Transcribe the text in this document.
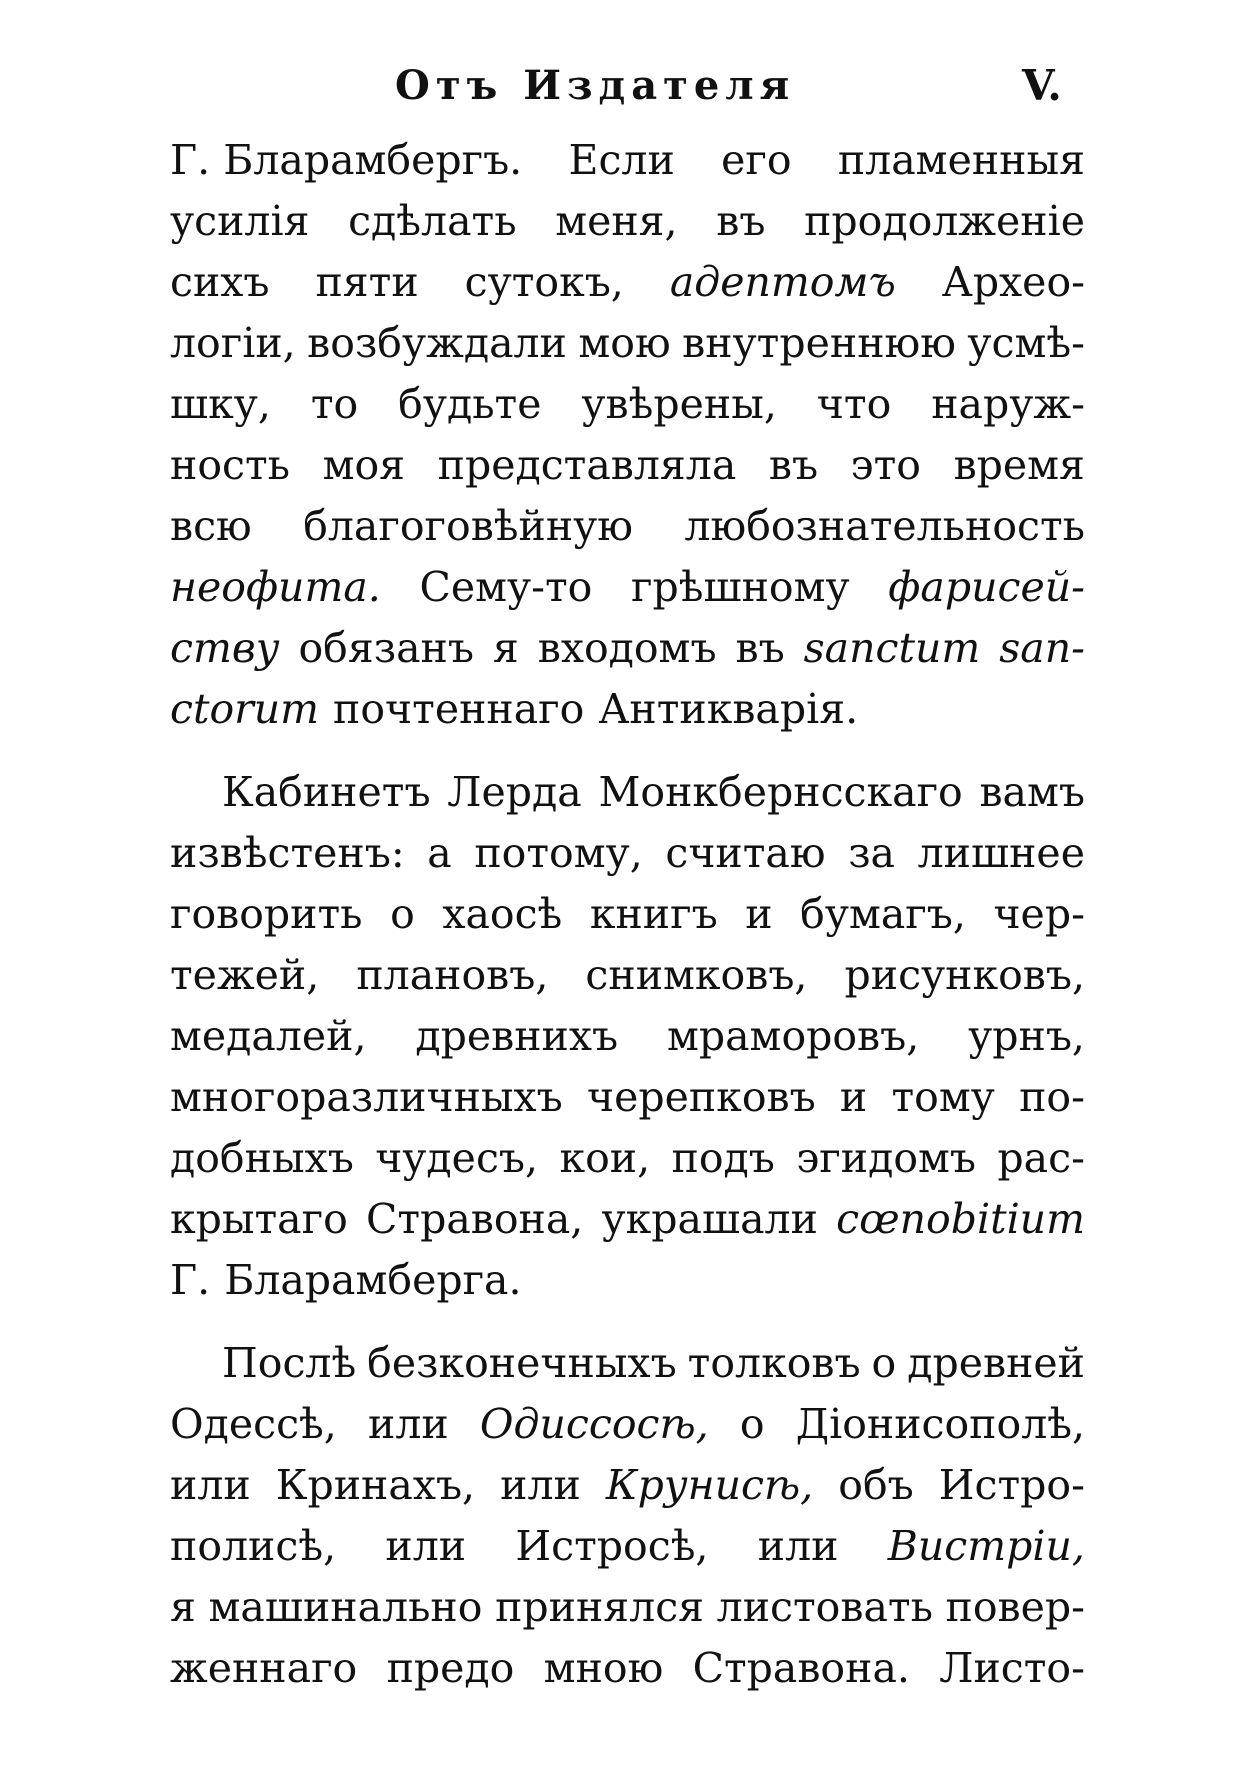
Отъ Издателя	V.
Г. Бларамбергъ. Если его пламенныя
усилія сдѣлать меня, въ продолженіе
сихъ пяти сутокъ, адептомъ Архео-
логіи, возбуждали мою внутреннюю усмѣ-
шку, то будьте увѣрены, что наруж-
ность моя представляла въ это время
всю благоговѣйную любознательность
неофита. Сему-то грѣшному фарисей-
ству обязанъ я входомъ въ sanctum san-
ctorum почтеннаго Антикварія.
Кабинетъ Лерда Монкбернсскаго вамъ
извѣстенъ: а потому, считаю за лишнее
говорить о хаосѣ книгъ и бумагъ, чер-
тежей, плановъ, снимковъ, рисунковъ,
медалей, древнихъ мраморовъ, урнъ,
многоразличныхъ черепковъ и тому по-
добныхъ чудесъ, кои, подъ эгидомъ рас-
крытаго Стравона, украшали cœnobitium
Г. Бларамберга.
Послѣ безконечныхъ толковъ о древней
Одессѣ, или Одиссосѣ, о Діонисополѣ,
или Кринахъ, или Крунисѣ, объ Истро-
полисѣ, или Истросѣ, или Вистріи,
я машинально принялся листовать повер-
женнаго предо мною Стравона. Листо-
